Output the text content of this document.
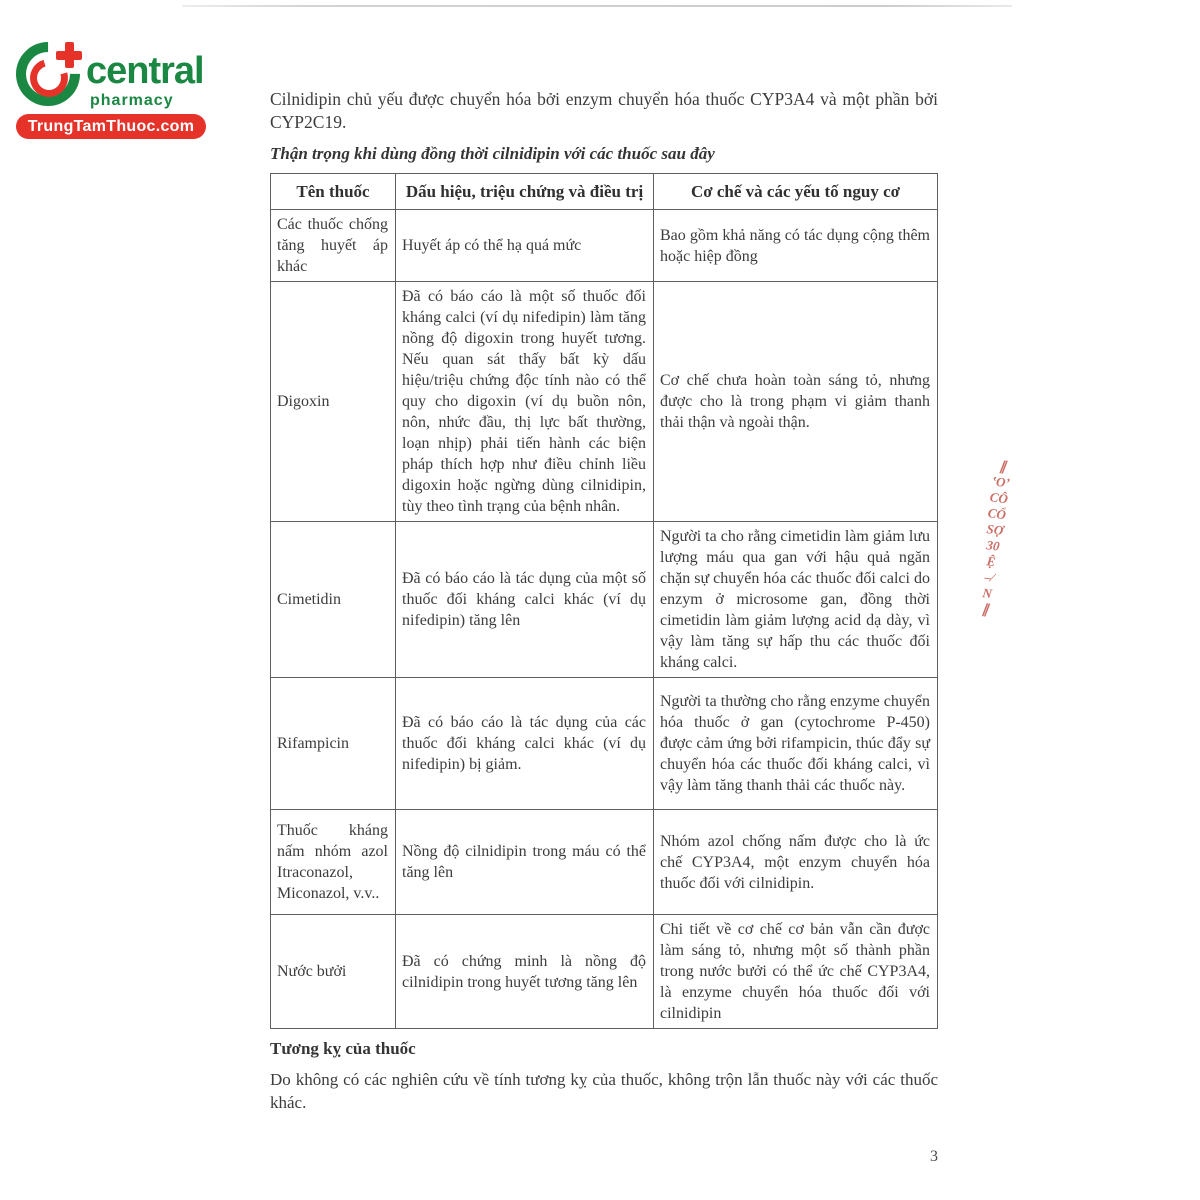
central
pharmacy
TrungTamThuoc.com

Cilnidipin chủ yếu được chuyển hóa bởi enzym chuyển hóa thuốc CYP3A4 và một phần bởi CYP2C19.

Thận trọng khi dùng đồng thời cilnidipin với các thuốc sau đây

Tên thuốc	Dấu hiệu, triệu chứng và điều trị	Cơ chế và các yếu tố nguy cơ
Các thuốc chống tăng huyết áp khác	Huyết áp có thể hạ quá mức	Bao gồm khả năng có tác dụng cộng thêm hoặc hiệp đồng
Digoxin	Đã có báo cáo là một số thuốc đối kháng calci (ví dụ nifedipin) làm tăng nồng độ digoxin trong huyết tương. Nếu quan sát thấy bất kỳ dấu hiệu/triệu chứng độc tính nào có thể quy cho digoxin (ví dụ buồn nôn, nôn, nhức đầu, thị lực bất thường, loạn nhịp) phải tiến hành các biện pháp thích hợp như điều chỉnh liều digoxin hoặc ngừng dùng cilnidipin, tùy theo tình trạng của bệnh nhân.	Cơ chế chưa hoàn toàn sáng tỏ, nhưng được cho là trong phạm vi giảm thanh thải thận và ngoài thận.
Cimetidin	Đã có báo cáo là tác dụng của một số thuốc đối kháng calci khác (ví dụ nifedipin) tăng lên	Người ta cho rằng cimetidin làm giảm lưu lượng máu qua gan với hậu quả ngăn chặn sự chuyển hóa các thuốc đối calci do enzym ở microsome gan, đồng thời cimetidin làm giảm lượng acid dạ dày, vì vậy làm tăng sự hấp thu các thuốc đối kháng calci.
Rifampicin	Đã có báo cáo là tác dụng của các thuốc đối kháng calci khác (ví dụ nifedipin) bị giảm.	Người ta thường cho rằng enzyme chuyển hóa thuốc ở gan (cytochrome P-450) được cảm ứng bởi rifampicin, thúc đẩy sự chuyển hóa các thuốc đối kháng calci, vì vậy làm tăng thanh thải các thuốc này.
Thuốc kháng nấm nhóm azol Itraconazol, Miconazol, v.v..	Nồng độ cilnidipin trong máu có thể tăng lên	Nhóm azol chống nấm được cho là ức chế CYP3A4, một enzym chuyển hóa thuốc đối với cilnidipin.
Nước bưởi	Đã có chứng minh là nồng độ cilnidipin trong huyết tương tăng lên	Chi tiết về cơ chế cơ bản vẫn cần được làm sáng tỏ, nhưng một số thành phần trong nước bưởi có thể ức chế CYP3A4, là enzyme chuyển hóa thuốc đối với cilnidipin

Tương kỵ của thuốc

Do không có các nghiên cứu về tính tương kỵ của thuốc, không trộn lẫn thuốc này với các thuốc khác.

∥
ʽOʼ
CÔ
CỔ
SỢ
30
Ệ
–⁄
N
∥
3
